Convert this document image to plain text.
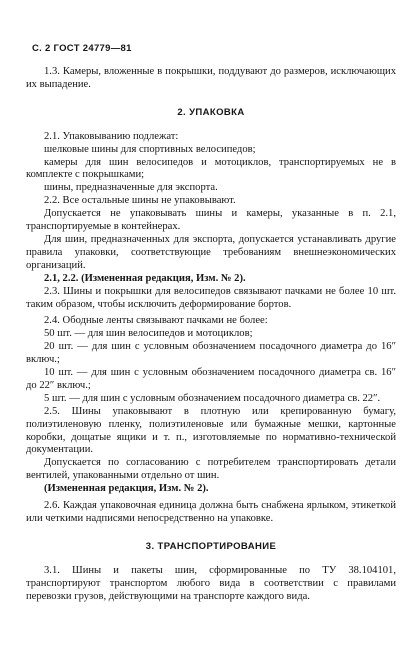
С. 2 ГОСТ 24779—81

1.3. Камеры, вложенные в покрышки, поддувают до размеров, исключающих их выпадение.

2. УПАКОВКА

2.1. Упаковыванию подлежат:

шелковые шины для спортивных велосипедов;

камеры для шин велосипедов и мотоциклов, транспортируемых не в комплекте с покрышками;

шины, предназначенные для экспорта.

2.2. Все остальные шины не упаковывают.

Допускается не упаковывать шины и камеры, указанные в п. 2.1, транспортируемые в контейнерах.

Для шин, предназначенных для экспорта, допускается устанавливать другие правила упаковки, соответствующие требованиям внешнеэкономических организаций.

2.1, 2.2. (Измененная редакция, Изм. № 2).

2.3. Шины и покрышки для велосипедов связывают пачками не более 10 шт. таким образом, чтобы исключить деформирование бортов.

2.4. Ободные ленты связывают пачками не более:

50 шт. — для шин велосипедов и мотоциклов;

20 шт. — для шин с условным обозначением посадочного диаметра до 16″ включ.;

10 шт. — для шин с условным обозначением посадочного диаметра св. 16″ до 22″ включ.;

5 шт. — для шин с условным обозначением посадочного диаметра св. 22″.

2.5. Шины упаковывают в плотную или крепированную бумагу, полиэтиленовую пленку, полиэтиленовые или бумажные мешки, картонные коробки, дощатые ящики и т. п., изготовляемые по нормативно-технической документации.

Допускается по согласованию с потребителем транспортировать детали вентилей, упакованными отдельно от шин.

(Измененная редакция, Изм. № 2).

2.6. Каждая упаковочная единица должна быть снабжена ярлыком, этикеткой или четкими надписями непосредственно на упаковке.

3. ТРАНСПОРТИРОВАНИЕ

3.1. Шины и пакеты шин, сформированные по ТУ 38.104101, транспортируют транспортом любого вида в соответствии с правилами перевозки грузов, действующими на транспорте каждого вида.
